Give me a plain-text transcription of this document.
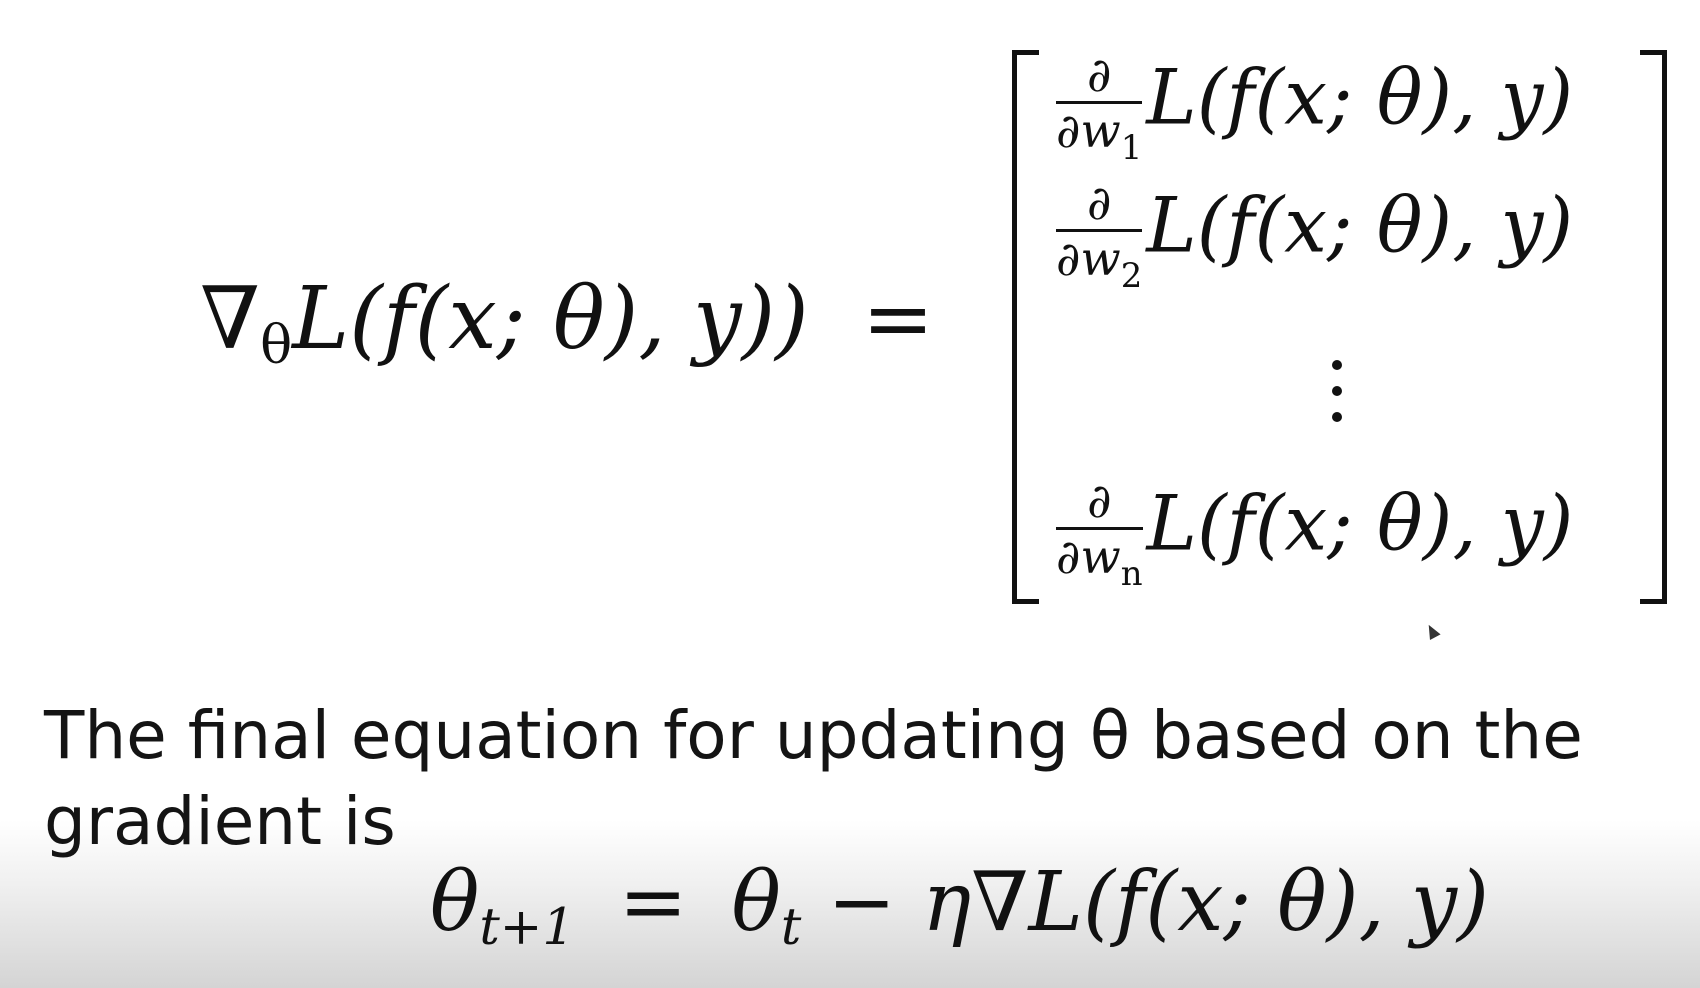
$\nabla_\theta L(f(x$; θ), y)) =
$\frac{\partial}{\partial w_1} L(f(x$; θ), y)
$\frac{\partial}{\partial w_2} L(f(x$; θ), y)
$\frac{\partial}{\partial w_n} L(f(x$; θ), y)

The final equation for updating θ based on the gradient is

$\theta_{t+1} = \theta_t - \eta\nabla L(f(x$; θ), y)
